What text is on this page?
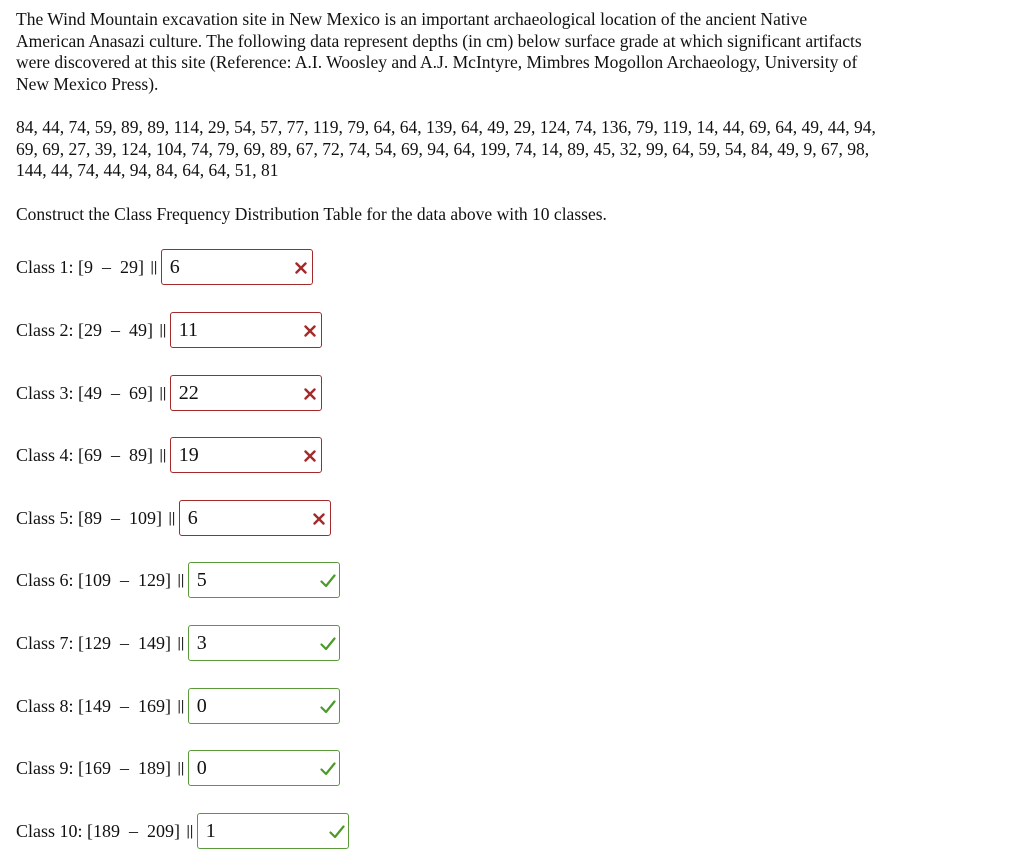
The Wind Mountain excavation site in New Mexico is an important archaeological location of the ancient Native American Anasazi culture. The following data represent depths (in cm) below surface grade at which significant artifacts were discovered at this site (Reference: A.I. Woosley and A.J. McIntyre, Mimbres Mogollon Archaeology, University of New Mexico Press).

84, 44, 74, 59, 89, 89, 114, 29, 54, 57, 77, 119, 79, 64, 64, 139, 64, 49, 29, 124, 74, 136, 79, 119, 14, 44, 69, 64, 49, 44, 94, 69, 69, 27, 39, 124, 104, 74, 79, 69, 89, 67, 72, 74, 54, 69, 94, 64, 199, 74, 14, 89, 45, 32, 99, 64, 59, 54, 84, 49, 9, 67, 98, 144, 44, 74, 44, 94, 84, 64, 64, 51, 81

Construct the Class Frequency Distribution Table for the data above with 10 classes.

Class 1: [9  –  29] || 6
Class 2: [29  –  49] || 11
Class 3: [49  –  69] || 22
Class 4: [69  –  89] || 19
Class 5: [89  –  109] || 6
Class 6: [109  –  129] || 5
Class 7: [129  –  149] || 3
Class 8: [149  –  169] || 0
Class 9: [169  –  189] || 0
Class 10: [189  –  209] || 1
